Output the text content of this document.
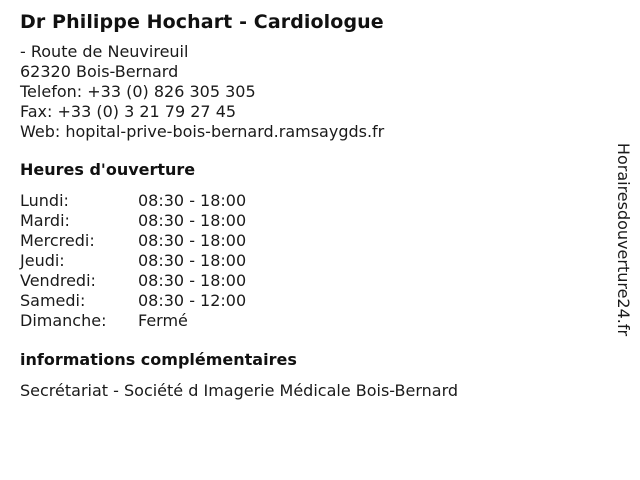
Dr Philippe Hochart - Cardiologue
- Route de Neuvireuil
62320 Bois-Bernard
Telefon: +33 (0) 826 305 305
Fax: +33 (0) 3 21 79 27 45
Web: hopital-prive-bois-bernard.ramsaygds.fr
Heures d'ouverture
Lundi:	08:30 - 18:00
Mardi:	08:30 - 18:00
Mercredi:	08:30 - 18:00
Jeudi:	08:30 - 18:00
Vendredi:	08:30 - 18:00
Samedi:	08:30 - 12:00
Dimanche:	Fermé
informations complémentaires
Secrétariat - Société d Imagerie Médicale Bois-Bernard
Horairesdouverture24.fr
